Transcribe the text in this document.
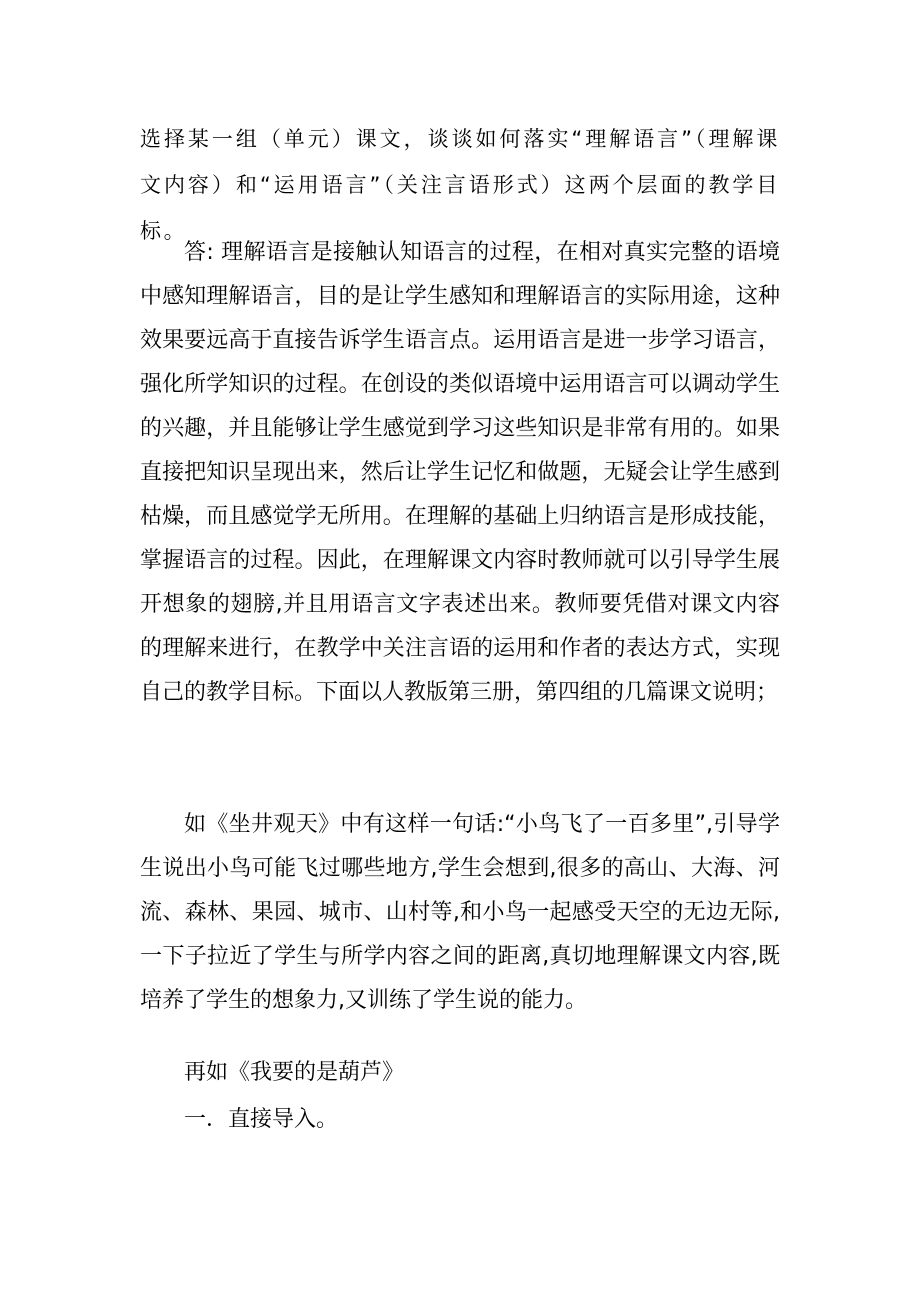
选择某一组（单元）课文，谈谈如何落实“理解语言”（理解课文内容）和“运用语言”（关注言语形式）这两个层面的教学目标。

答: 理解语言是接触认知语言的过程，在相对真实完整的语境中感知理解语言，目的是让学生感知和理解语言的实际用途，这种效果要远高于直接告诉学生语言点。运用语言是进一步学习语言，强化所学知识的过程。在创设的类似语境中运用语言可以调动学生的兴趣，并且能够让学生感觉到学习这些知识是非常有用的。如果直接把知识呈现出来，然后让学生记忆和做题，无疑会让学生感到枯燥，而且感觉学无所用。在理解的基础上归纳语言是形成技能，掌握语言的过程。因此，在理解课文内容时教师就可以引导学生展开想象的翅膀,并且用语言文字表述出来。教师要凭借对课文内容的理解来进行，在教学中关注言语的运用和作者的表达方式，实现自己的教学目标。下面以人教版第三册，第四组的几篇课文说明；

如《坐井观天》中有这样一句话:“小鸟飞了一百多里”,引导学生说出小鸟可能飞过哪些地方,学生会想到,很多的高山、大海、河流、森林、果园、城市、山村等,和小鸟一起感受天空的无边无际,一下子拉近了学生与所学内容之间的距离,真切地理解课文内容,既培养了学生的想象力,又训练了学生说的能力。

再如《我要的是葫芦》

一．直接导入。
